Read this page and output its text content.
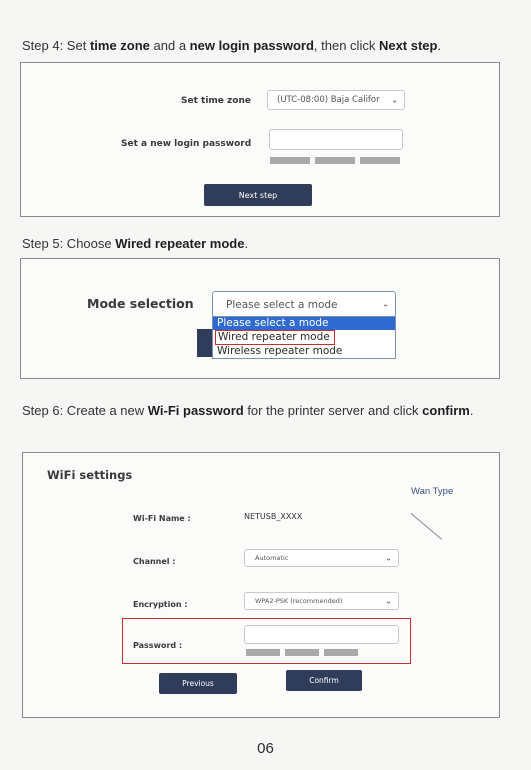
Step 4: Set time zone and a new login password, then click Next step.
Set time zone	(UTC-08:00) Baja Califor ⌄
Set a new login password
Next step
Step 5: Choose Wired repeater mode.
Mode selection	Please select a mode	⌄
Please select a mode
Wired repeater mode
Wireless repeater mode
Step 6: Create a new Wi-Fi password for the printer server and click confirm.
WiFi settings
Wan Type
Wi-Fi Name :	NETUSB_XXXX
Channel :	Automatic	⌄
Encryption :	WPA2-PSK (recommended)	⌄
Password :
Previous	Confirm
06
